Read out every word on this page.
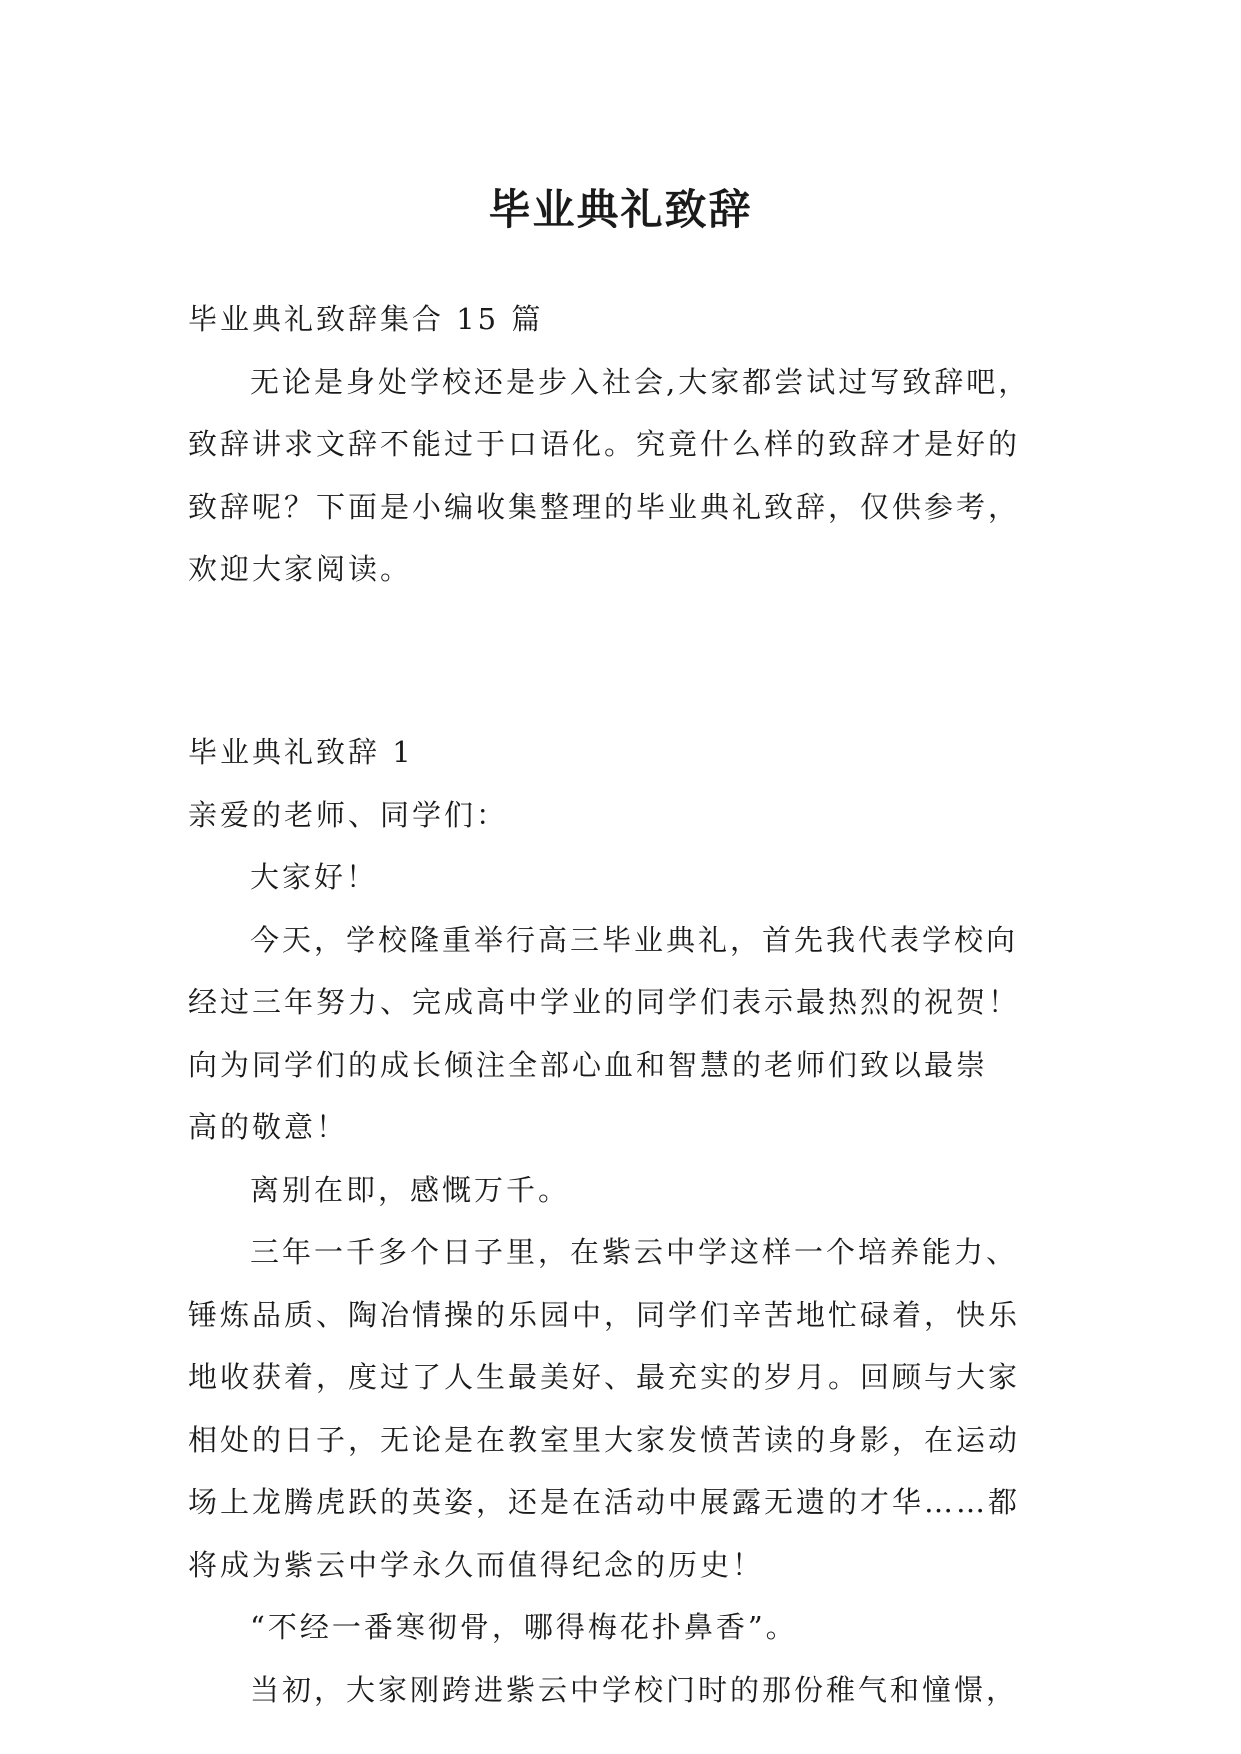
毕业典礼致辞

毕业典礼致辞集合 15 篇

无论是身处学校还是步入社会,大家都尝试过写致辞吧，

致辞讲求文辞不能过于口语化。究竟什么样的致辞才是好的

致辞呢？下面是小编收集整理的毕业典礼致辞，仅供参考，

欢迎大家阅读。

毕业典礼致辞 1

亲爱的老师、同学们：

大家好！

今天，学校隆重举行高三毕业典礼，首先我代表学校向

经过三年努力、完成高中学业的同学们表示最热烈的祝贺！

向为同学们的成长倾注全部心血和智慧的老师们致以最崇

高的敬意！

离别在即，感慨万千。

三年一千多个日子里，在紫云中学这样一个培养能力、

锤炼品质、陶冶情操的乐园中，同学们辛苦地忙碌着，快乐

地收获着，度过了人生最美好、最充实的岁月。回顾与大家

相处的日子，无论是在教室里大家发愤苦读的身影，在运动

场上龙腾虎跃的英姿，还是在活动中展露无遗的才华……都

将成为紫云中学永久而值得纪念的历史！

“不经一番寒彻骨，哪得梅花扑鼻香”。

当初，大家刚跨进紫云中学校门时的那份稚气和憧憬，
